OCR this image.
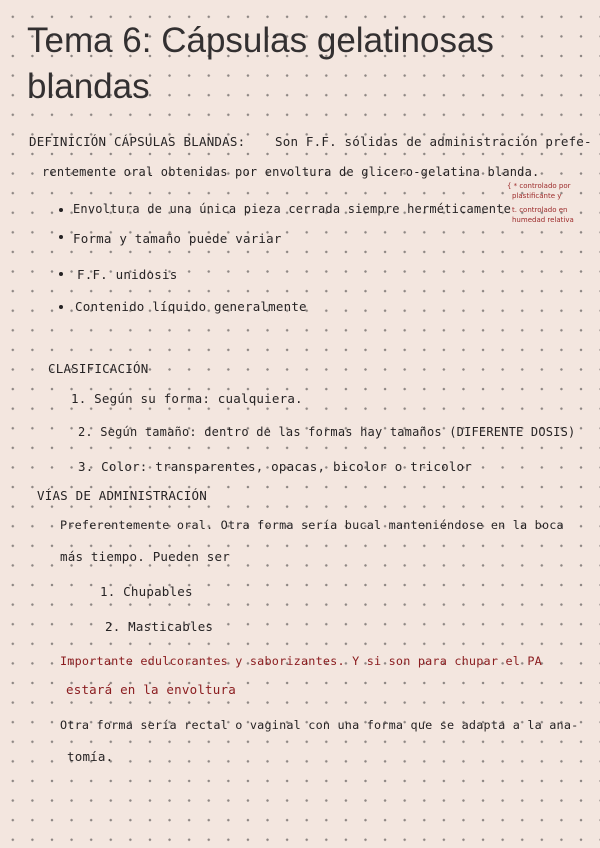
Tema 6: Cápsulas gelatinosas blandas
DEFINICIÓN CÁPSULAS BLANDAS: Son F.F. sólidas de administración prefe-
rentemente oral obtenidas por envoltura de glicero-gelatina blanda.
{ * controlado por
plastificante y
t. controlado en
humedad relativa
Envoltura de una única pieza cerrada siempre herméticamente
Forma y tamaño puede variar
F.F. unidosis
Contenido líquido generalmente
CLASIFICACIÓN
1. Según su forma: cualquiera.
2. Según tamaño: dentro de las formas hay tamaños (DIFERENTE DOSIS)
3. Color: transparentes, opacas, bicolor o tricolor
VÍAS DE ADMINISTRACIÓN
Preferentemente oral. Otra forma sería bucal manteniéndose en la boca
más tiempo. Pueden ser
1. Chupables
2. Masticables
Importante edulcorantes y saborizantes. Y si son para chupar el PA
estará en la envoltura
Otra forma sería rectal o vaginal con una forma que se adapta a la ana-
tomía.
